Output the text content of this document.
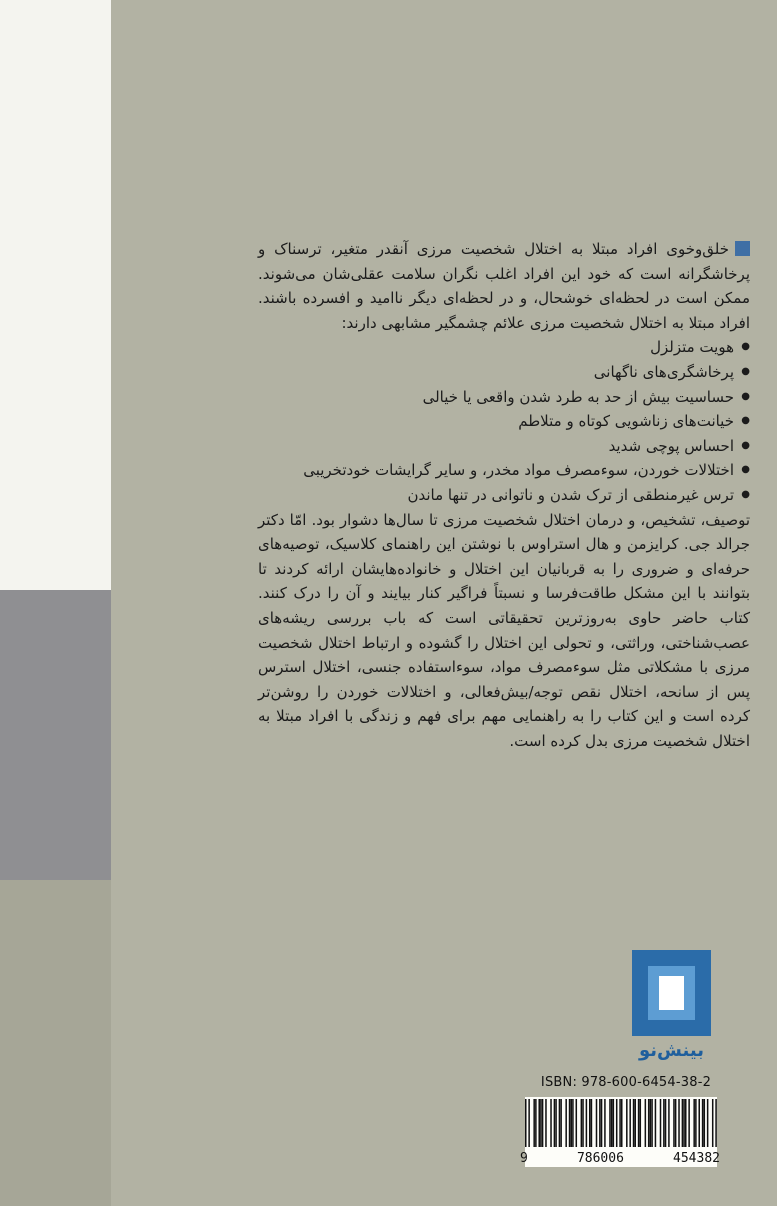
خلق‌وخوی افراد مبتلا به اختلال شخصیت مرزی آنقدر متغیر، ترسناک و پرخاشگرانه است که خود این افراد اغلب نگران سلامت عقلی‌شان می‌شوند. ممکن است در لحظه‌ای خوشحال، و در لحظه‌ای دیگر ناامید و افسرده باشند. افراد مبتلا به اختلال شخصیت مرزی علائم چشمگیر مشابهی دارند:

● هویت متزلزل
● پرخاشگری‌های ناگهانی
● حساسیت بیش از حد به طرد شدن واقعی یا خیالی
● خیانت‌های زناشویی کوتاه و متلاطم
● احساس پوچی شدید
● اختلالات خوردن، سوءمصرف مواد مخدر، و سایر گرایشات خودتخریبی
● ترس غیرمنطقی از ترک شدن و ناتوانی در تنها ماندن

توصیف، تشخیص، و درمان اختلال شخصیت مرزی تا سال‌ها دشوار بود. امّا دکتر جرالد جی. کرایزمن و هال استراوس با نوشتن این راهنمای کلاسیک، توصیه‌های حرفه‌ای و ضروری را به قربانیان این اختلال و خانواده‌هایشان ارائه کردند تا بتوانند با این مشکل طاقت‌فرسا و نسبتاً فراگیر کنار بیایند و آن را درک کنند. کتاب حاضر حاوی به‌روزترین تحقیقاتی است که باب بررسی ریشه‌های عصب‌شناختی، وراثتی، و تحولی این اختلال را گشوده و ارتباط اختلال شخصیت مرزی با مشکلاتی مثل سوءمصرف مواد، سوءاستفاده جنسی، اختلال استرس پس از سانحه، اختلال نقص توجه/بیش‌فعالی، و اختلالات خوردن را روشن‌تر کرده است و این کتاب را به راهنمایی مهم برای فهم و زندگی با افراد مبتلا به اختلال شخصیت مرزی بدل کرده است.

بینش‌نو
ISBN: 978-600-6454-38-2
9	786006	454382
